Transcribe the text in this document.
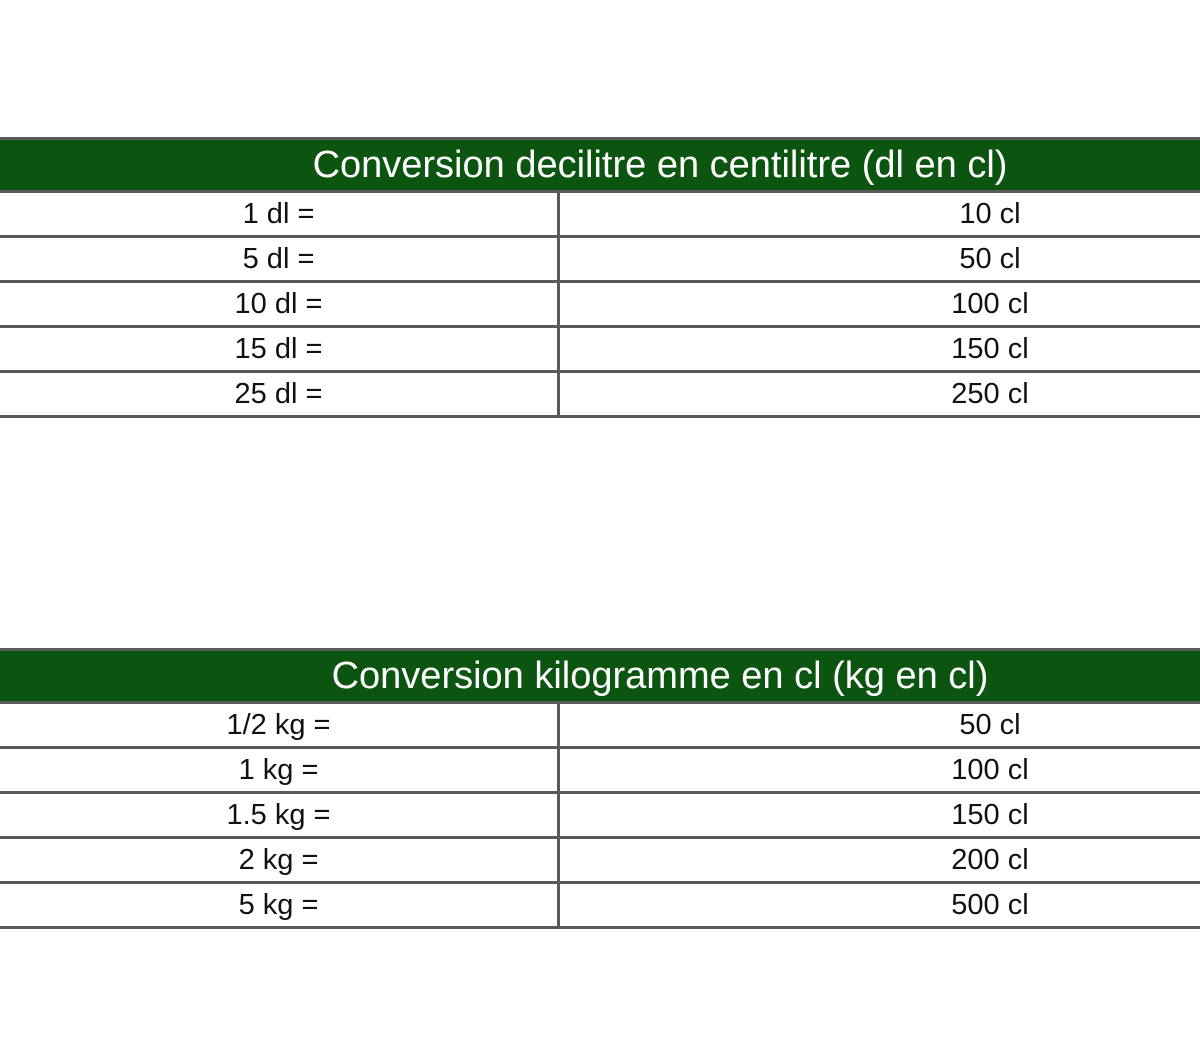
Conversion decilitre en centilitre (dl en cl)
1 dl =	10 cl
5 dl =	50 cl
10 dl =	100 cl
15 dl =	150 cl
25 dl =	250 cl
Conversion kilogramme en cl (kg en cl)
1/2 kg =	50 cl
1 kg =	100 cl
1.5 kg =	150 cl
2 kg =	200 cl
5 kg =	500 cl
